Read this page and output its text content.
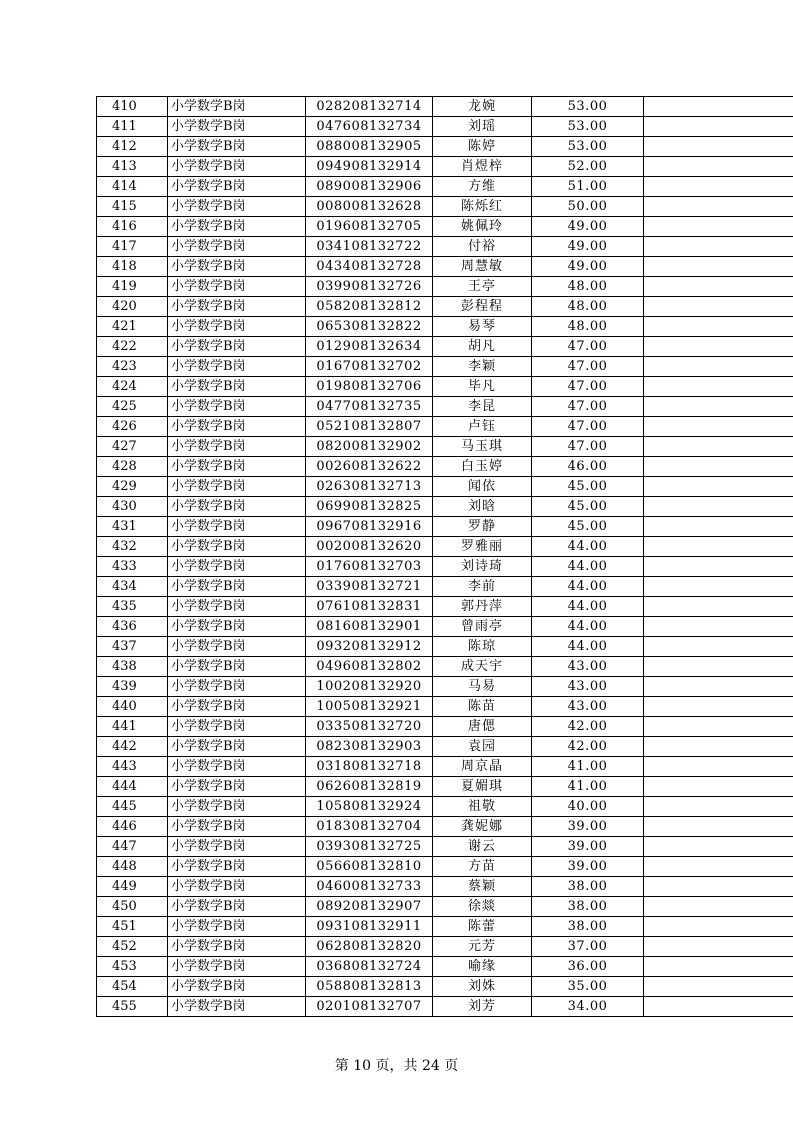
410	小学数学B岗	028208132714	龙婉	53.00	
411	小学数学B岗	047608132734	刘瑶	53.00	
412	小学数学B岗	088008132905	陈婷	53.00	
413	小学数学B岗	094908132914	肖煜梓	52.00	
414	小学数学B岗	089008132906	方维	51.00	
415	小学数学B岗	008008132628	陈烁红	50.00	
416	小学数学B岗	019608132705	姚佩玲	49.00	
417	小学数学B岗	034108132722	付裕	49.00	
418	小学数学B岗	043408132728	周慧敏	49.00	
419	小学数学B岗	039908132726	王亭	48.00	
420	小学数学B岗	058208132812	彭程程	48.00	
421	小学数学B岗	065308132822	易琴	48.00	
422	小学数学B岗	012908132634	胡凡	47.00	
423	小学数学B岗	016708132702	李颖	47.00	
424	小学数学B岗	019808132706	毕凡	47.00	
425	小学数学B岗	047708132735	李昆	47.00	
426	小学数学B岗	052108132807	卢钰	47.00	
427	小学数学B岗	082008132902	马玉琪	47.00	
428	小学数学B岗	002608132622	白玉婷	46.00	
429	小学数学B岗	026308132713	闻依	45.00	
430	小学数学B岗	069908132825	刘晗	45.00	
431	小学数学B岗	096708132916	罗静	45.00	
432	小学数学B岗	002008132620	罗雅丽	44.00	
433	小学数学B岗	017608132703	刘诗琦	44.00	
434	小学数学B岗	033908132721	李前	44.00	
435	小学数学B岗	076108132831	郭丹萍	44.00	
436	小学数学B岗	081608132901	曾雨亭	44.00	
437	小学数学B岗	093208132912	陈琼	44.00	
438	小学数学B岗	049608132802	成天宇	43.00	
439	小学数学B岗	100208132920	马易	43.00	
440	小学数学B岗	100508132921	陈苗	43.00	
441	小学数学B岗	033508132720	唐偲	42.00	
442	小学数学B岗	082308132903	袁园	42.00	
443	小学数学B岗	031808132718	周京晶	41.00	
444	小学数学B岗	062608132819	夏媚琪	41.00	
445	小学数学B岗	105808132924	祖敬	40.00	
446	小学数学B岗	018308132704	龚妮娜	39.00	
447	小学数学B岗	039308132725	谢云	39.00	
448	小学数学B岗	056608132810	方苗	39.00	
449	小学数学B岗	046008132733	蔡颖	38.00	
450	小学数学B岗	089208132907	徐燚	38.00	
451	小学数学B岗	093108132911	陈蕾	38.00	
452	小学数学B岗	062808132820	元芳	37.00	
453	小学数学B岗	036808132724	喻缘	36.00	
454	小学数学B岗	058808132813	刘姝	35.00	
455	小学数学B岗	020108132707	刘芳	34.00	
第 10 页，共 24 页
